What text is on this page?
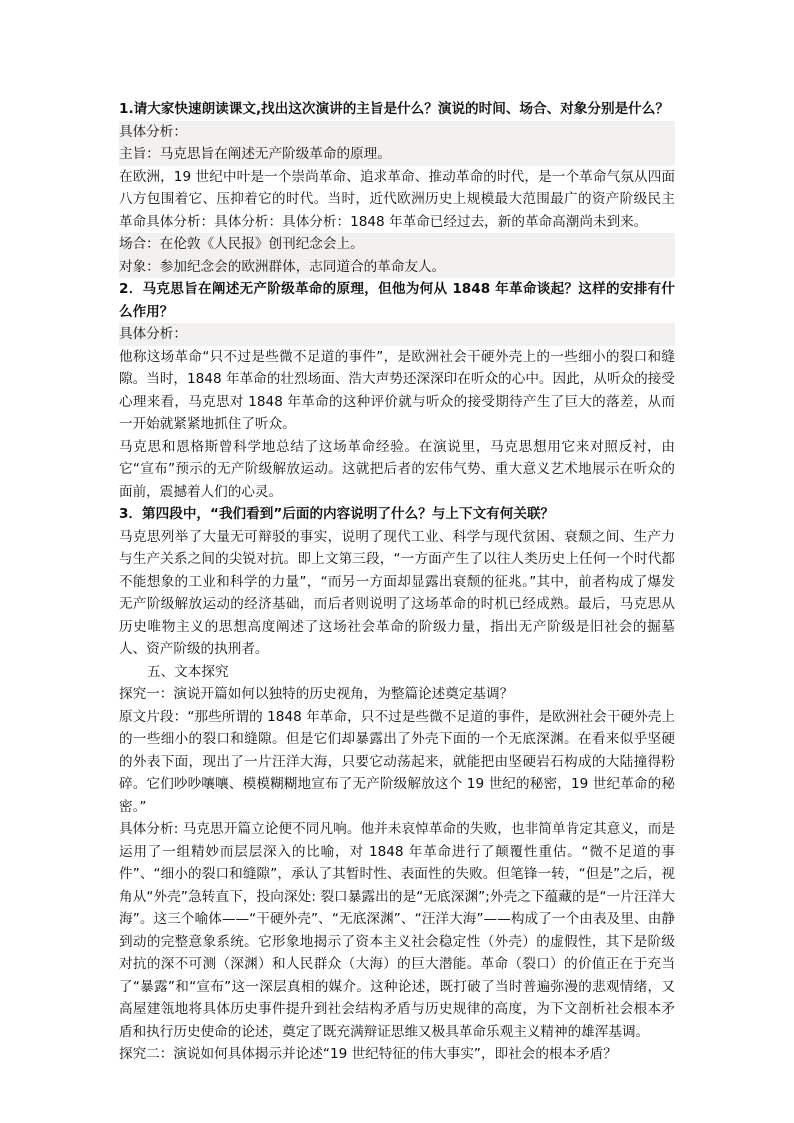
1.请大家快速朗读课文,找出这次演讲的主旨是什么？演说的时间、场合、对象分别是什么？

具体分析：

主旨：马克思旨在阐述无产阶级革命的原理。

在欧洲，19 世纪中叶是一个崇尚革命、追求革命、推动革命的时代，是一个革命气氛从四面八方包围着它、压抑着它的时代。当时，近代欧洲历史上规模最大范围最广的资产阶级民主革命具体分析：具体分析：具体分析：1848 年革命已经过去，新的革命高潮尚未到来。

场合：在伦敦《人民报》创刊纪念会上。

对象：参加纪念会的欧洲群体，志同道合的革命友人。

2．马克思旨在阐述无产阶级革命的原理，但他为何从 1848 年革命谈起？这样的安排有什么作用？

具体分析：

他称这场革命“只不过是些微不足道的事件”，是欧洲社会干硬外壳上的一些细小的裂口和缝隙。当时，1848 年革命的壮烈场面、浩大声势还深深印在听众的心中。因此，从听众的接受心理来看，马克思对 1848 年革命的这种评价就与听众的接受期待产生了巨大的落差，从而一开始就紧紧地抓住了听众。

马克思和恩格斯曾科学地总结了这场革命经验。在演说里，马克思想用它来对照反衬，由它“宣布”预示的无产阶级解放运动。这就把后者的宏伟气势、重大意义艺术地展示在听众的面前，震撼着人们的心灵。

3．第四段中，“我们看到”后面的内容说明了什么？与上下文有何关联？

马克思列举了大量无可辩驳的事实，说明了现代工业、科学与现代贫困、衰颓之间、生产力与生产关系之间的尖锐对抗。即上文第三段，“一方面产生了以往人类历史上任何一个时代都不能想象的工业和科学的力量”，“而另一方面却显露出衰颓的征兆。”其中，前者构成了爆发无产阶级解放运动的经济基础，而后者则说明了这场革命的时机已经成熟。最后，马克思从历史唯物主义的思想高度阐述了这场社会革命的阶级力量，指出无产阶级是旧社会的掘墓人、资产阶级的执刑者。

五、文本探究

探究一：演说开篇如何以独特的历史视角，为整篇论述奠定基调？

原文片段：“那些所谓的 1848 年革命，只不过是些微不足道的事件，是欧洲社会干硬外壳上的一些细小的裂口和缝隙。但是它们却暴露出了外壳下面的一个无底深渊。在看来似乎坚硬的外表下面，现出了一片汪洋大海，只要它动荡起来，就能把由坚硬岩石构成的大陆撞得粉碎。它们吵吵嚷嚷、模模糊糊地宣布了无产阶级解放这个 19 世纪的秘密，19 世纪革命的秘密。”

具体分析: 马克思开篇立论便不同凡响。他并未哀悼革命的失败，也非简单肯定其意义，而是运用了一组精妙而层层深入的比喻，对 1848 年革命进行了颠覆性重估。“微不足道的事件”、“细小的裂口和缝隙”，承认了其暂时性、表面性的失败。但笔锋一转，“但是”之后，视角从“外壳”急转直下，投向深处: 裂口暴露出的是“无底深渊”;外壳之下蕴藏的是“一片汪洋大海”。这三个喻体——“干硬外壳”、“无底深渊”、“汪洋大海”——构成了一个由表及里、由静到动的完整意象系统。它形象地揭示了资本主义社会稳定性（外壳）的虚假性，其下是阶级对抗的深不可测（深渊）和人民群众（大海）的巨大潜能。革命（裂口）的价值正在于充当了“暴露”和“宣布”这一深层真相的媒介。这种论述，既打破了当时普遍弥漫的悲观情绪，又高屋建瓴地将具体历史事件提升到社会结构矛盾与历史规律的高度，为下文剖析社会根本矛盾和执行历史使命的论述，奠定了既充满辩证思维又极具革命乐观主义精神的雄浑基调。

探究二：演说如何具体揭示并论述“19 世纪特征的伟大事实”，即社会的根本矛盾？
